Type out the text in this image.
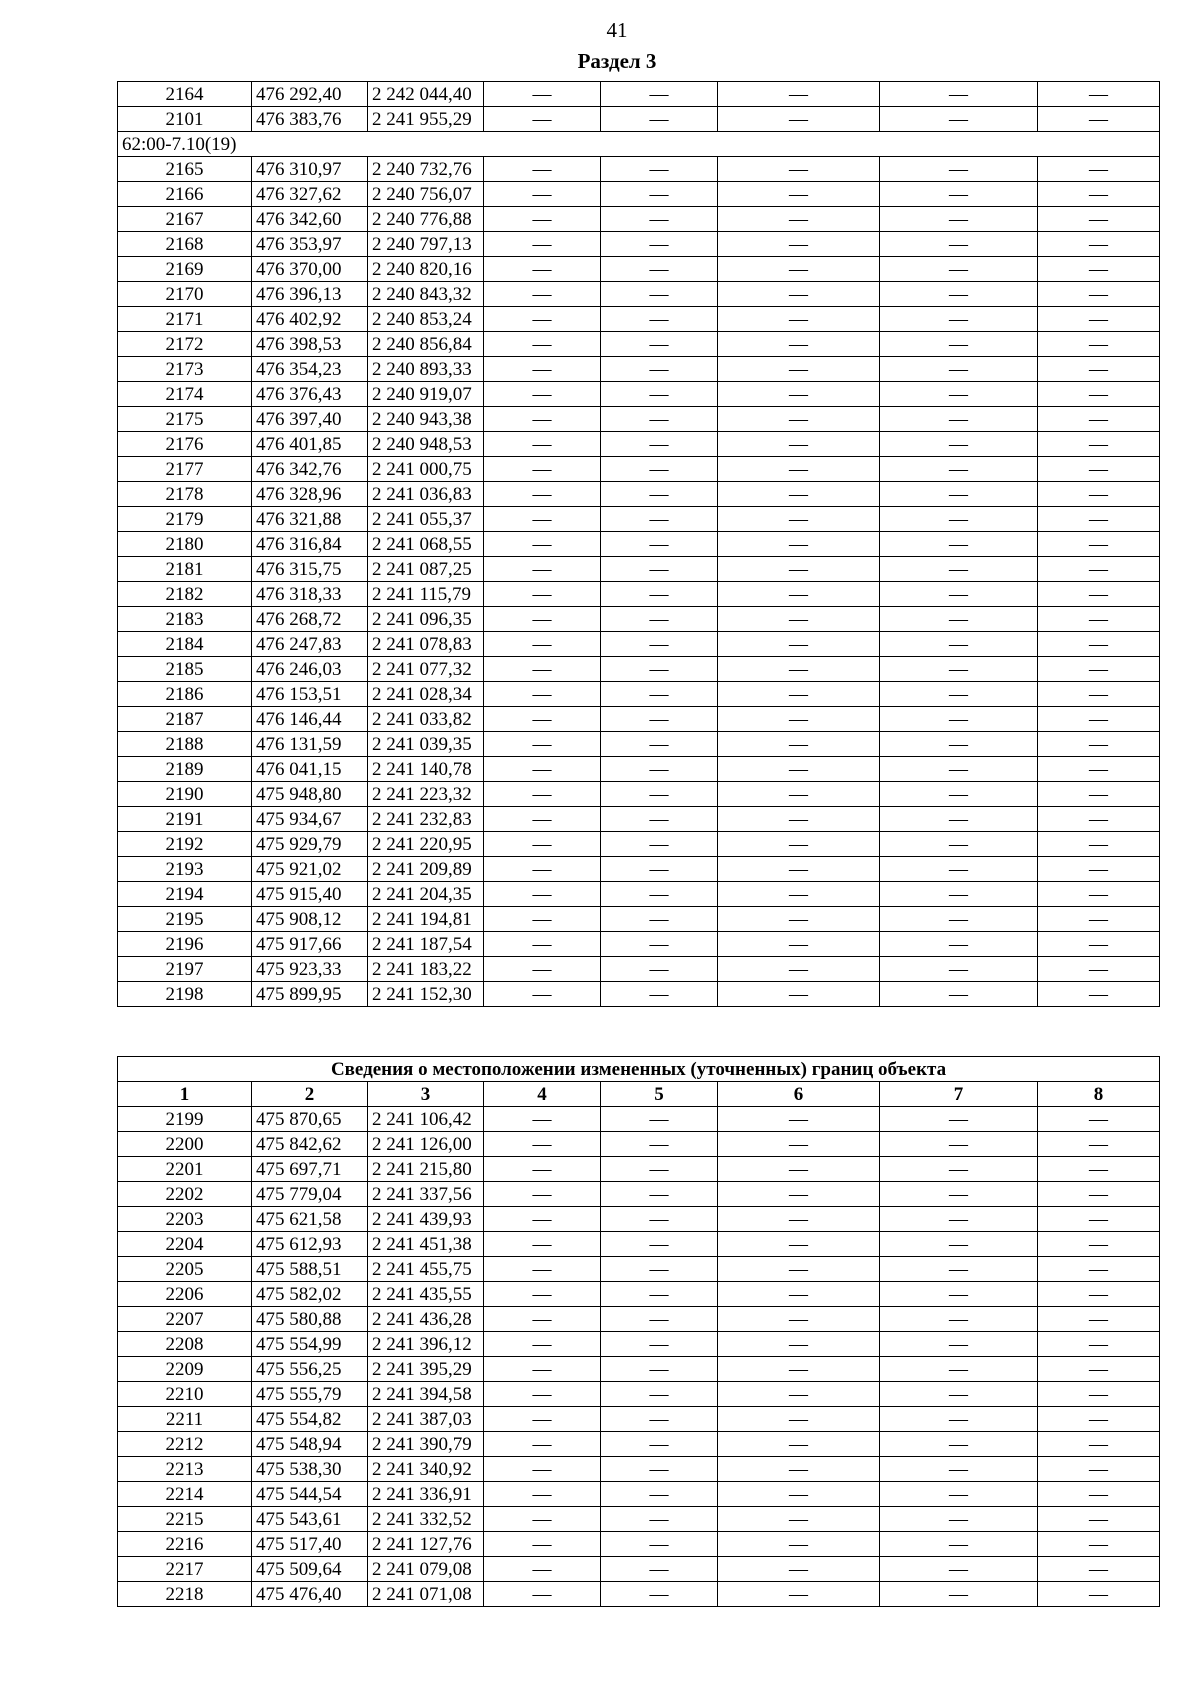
41
Раздел 3
2164	476 292,40	2 242 044,40	—	—	—	—	—
2101	476 383,76	2 241 955,29	—	—	—	—	—
62:00-7.10(19)							
2165	476 310,97	2 240 732,76	—	—	—	—	—
2166	476 327,62	2 240 756,07	—	—	—	—	—
2167	476 342,60	2 240 776,88	—	—	—	—	—
2168	476 353,97	2 240 797,13	—	—	—	—	—
2169	476 370,00	2 240 820,16	—	—	—	—	—
2170	476 396,13	2 240 843,32	—	—	—	—	—
2171	476 402,92	2 240 853,24	—	—	—	—	—
2172	476 398,53	2 240 856,84	—	—	—	—	—
2173	476 354,23	2 240 893,33	—	—	—	—	—
2174	476 376,43	2 240 919,07	—	—	—	—	—
2175	476 397,40	2 240 943,38	—	—	—	—	—
2176	476 401,85	2 240 948,53	—	—	—	—	—
2177	476 342,76	2 241 000,75	—	—	—	—	—
2178	476 328,96	2 241 036,83	—	—	—	—	—
2179	476 321,88	2 241 055,37	—	—	—	—	—
2180	476 316,84	2 241 068,55	—	—	—	—	—
2181	476 315,75	2 241 087,25	—	—	—	—	—
2182	476 318,33	2 241 115,79	—	—	—	—	—
2183	476 268,72	2 241 096,35	—	—	—	—	—
2184	476 247,83	2 241 078,83	—	—	—	—	—
2185	476 246,03	2 241 077,32	—	—	—	—	—
2186	476 153,51	2 241 028,34	—	—	—	—	—
2187	476 146,44	2 241 033,82	—	—	—	—	—
2188	476 131,59	2 241 039,35	—	—	—	—	—
2189	476 041,15	2 241 140,78	—	—	—	—	—
2190	475 948,80	2 241 223,32	—	—	—	—	—
2191	475 934,67	2 241 232,83	—	—	—	—	—
2192	475 929,79	2 241 220,95	—	—	—	—	—
2193	475 921,02	2 241 209,89	—	—	—	—	—
2194	475 915,40	2 241 204,35	—	—	—	—	—
2195	475 908,12	2 241 194,81	—	—	—	—	—
2196	475 917,66	2 241 187,54	—	—	—	—	—
2197	475 923,33	2 241 183,22	—	—	—	—	—
2198	475 899,95	2 241 152,30	—	—	—	—	—
Сведения о местоположении измененных (уточненных) границ объекта							
1	2	3	4	5	6	7	8
2199	475 870,65	2 241 106,42	—	—	—	—	—
2200	475 842,62	2 241 126,00	—	—	—	—	—
2201	475 697,71	2 241 215,80	—	—	—	—	—
2202	475 779,04	2 241 337,56	—	—	—	—	—
2203	475 621,58	2 241 439,93	—	—	—	—	—
2204	475 612,93	2 241 451,38	—	—	—	—	—
2205	475 588,51	2 241 455,75	—	—	—	—	—
2206	475 582,02	2 241 435,55	—	—	—	—	—
2207	475 580,88	2 241 436,28	—	—	—	—	—
2208	475 554,99	2 241 396,12	—	—	—	—	—
2209	475 556,25	2 241 395,29	—	—	—	—	—
2210	475 555,79	2 241 394,58	—	—	—	—	—
2211	475 554,82	2 241 387,03	—	—	—	—	—
2212	475 548,94	2 241 390,79	—	—	—	—	—
2213	475 538,30	2 241 340,92	—	—	—	—	—
2214	475 544,54	2 241 336,91	—	—	—	—	—
2215	475 543,61	2 241 332,52	—	—	—	—	—
2216	475 517,40	2 241 127,76	—	—	—	—	—
2217	475 509,64	2 241 079,08	—	—	—	—	—
2218	475 476,40	2 241 071,08	—	—	—	—	—
